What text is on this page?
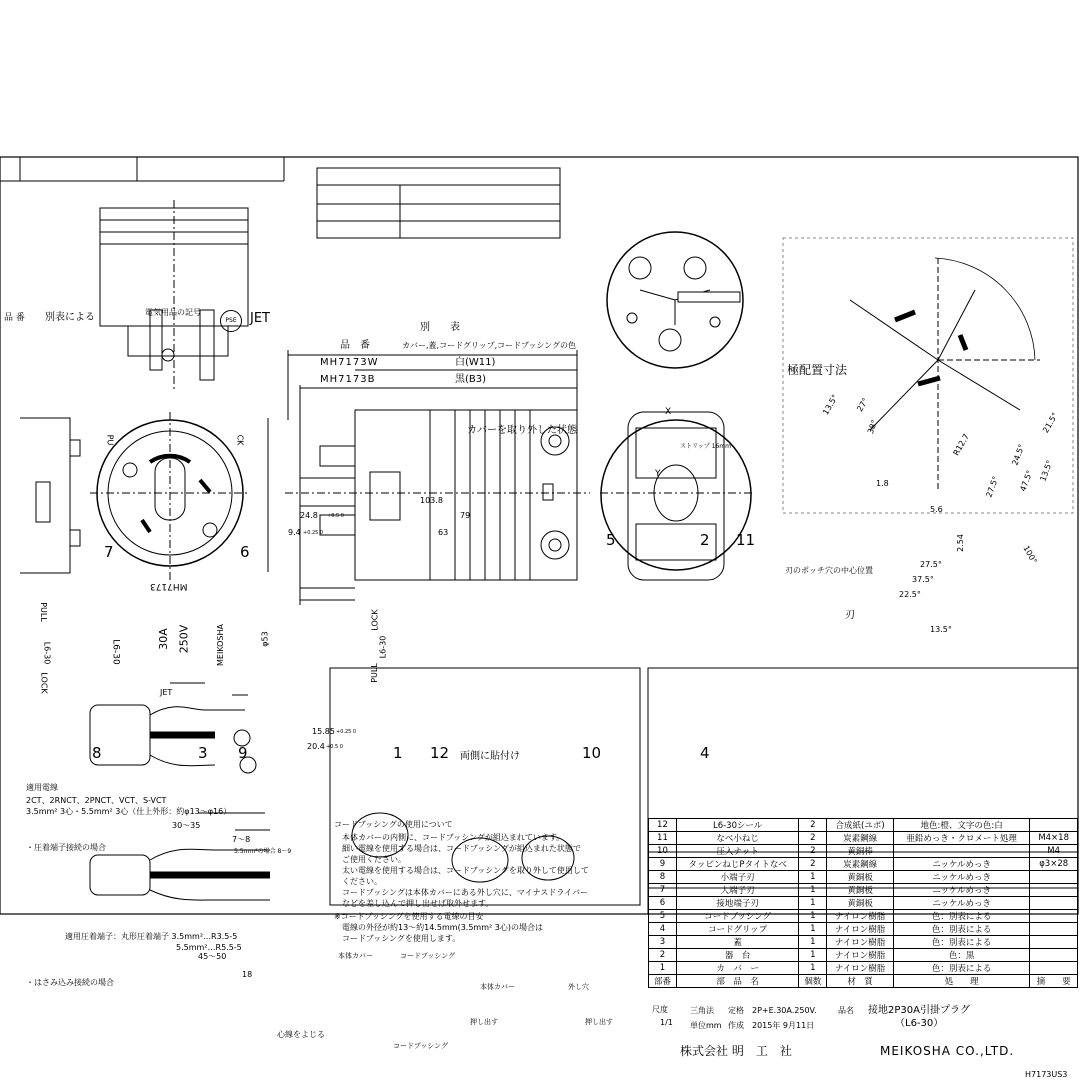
品 番 別表による	電気用品の記号
PSE	JET
別　　表
品　番	カバー,蓋,コードグリップ,コードブッシングの色
MH7173W	白(W11)
MH7173B	黒(B3)
PU	CK
MH7173
30A 250V	MEIKOSHA
L6-30
JET
PULL
L6-30
LOCK
LOCK
L6-30
PULL
7	6
8	3 9	1 12 両側に貼付け	10
5	2 11
4
103.8
24.8 +0.5 0	79
9.4 +0.25 0	63
φ53
15.85 +0.25 0
20.4 +0.5 0
カバーを取り外した状態
ストリップ 16mm
X
Y
極配置寸法
13.5° 27°
38°	21.5°
R12.7	24.5°
13.5°
47.5°
27.5°
1.8
5.6
2.54
27.5°
37.5°
22.5°
13.5°
100°
刃のポッチ穴の中心位置
刃
適用電線
2CT、2RNCT、2PNCT、VCT、S-VCT
3.5mm² 3心・5.5mm² 3心（仕上外形：約φ13～φ16）
・圧着端子接続の場合
30～35
7～8
5.5mm²の場合 8～9
適用圧着端子：丸形圧着端子 3.5mm²…R3.5-5
5.5mm²…R5.5-5
・はさみ込み接続の場合
45～50
18
心線をよじる
コードブッシングの使用について
本体カバーの内側に、コードブッシングが組込まれています。
細い電線を使用する場合は、コードブッシングが組込まれた状態で
ご使用ください。
太い電線を使用する場合は、コードブッシングを取り外して使用して
ください。
コードブッシングは本体カバーにある外し穴に、マイナスドライバー
などを差し込んで押し出せば取外せます。
※コードブッシングを使用する電線の目安
電線の外径が約13～約14.5mm(3.5mm² 3心)の場合は
コードブッシングを使用します。
本体カバー	コードブッシング
本体カバー	外し穴
押し出す	押し出す
コードブッシング
12	L6-30シール	2	合成紙(ユポ)	地色:橙、文字の色:白	
11	なべ小ねじ	2	炭素鋼線	亜鉛めっき・クロメート処理	M4×18
10	圧入ナット	2	黄銅棒		M4
9	タッピンねじPタイトなべ	2	炭素鋼線	ニッケルめっき	φ3×28
8	小端子刃	1	黄銅板	ニッケルめっき	
7	大端子刃	1	黄銅板	ニッケルめっき	
6	接地端子刃	1	黄銅板	ニッケルめっき	
5	コードブッシング	1	ナイロン樹脂	色：別表による	
4	コードグリップ	1	ナイロン樹脂	色：別表による	
3	蓋	1	ナイロン樹脂	色：別表による	
2	器　台	1	ナイロン樹脂	色：黒	
1	カ　バ　ー	1	ナイロン樹脂	色：別表による	
部番	部　品　名	個数	材　質	処　　理	摘　　要
尺度
1/1
三角法
単位mm
定格 2P+E.30A.250V.
作成 2015年 9月11日
品名 接地2P30A引掛プラグ
（L6-30）
株式会社 明　工　社	MEIKOSHA CO.,LTD.
H7173US3
